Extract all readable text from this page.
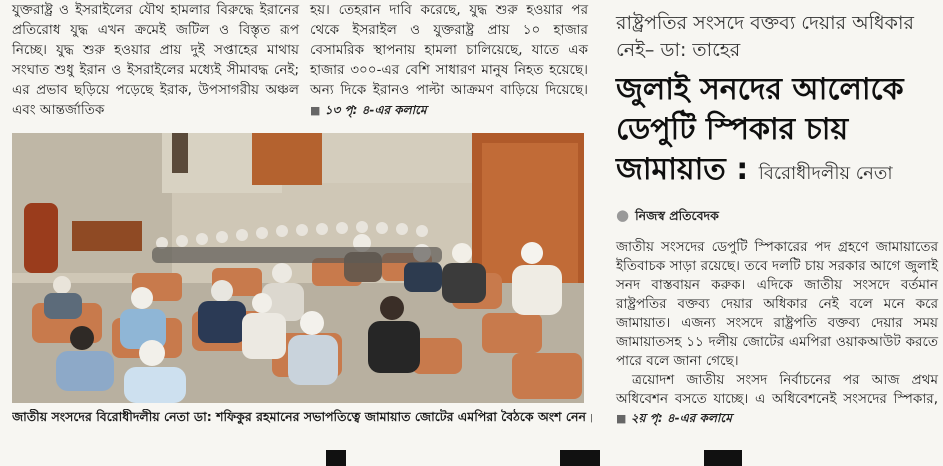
যুক্তরাষ্ট্র ও ইসরাইলের যৌথ হামলার বিরুদ্ধে ইরানের প্রতিরোধ যুদ্ধ এখন ক্রমেই জটিল ও বিস্তৃত রূপ নিচ্ছে। যুদ্ধ শুরু হওয়ার প্রায় দুই সপ্তাহের মাথায় সংঘাত শুধু ইরান ও ইসরাইলের মধ্যেই সীমাবদ্ধ নেই; এর প্রভাব ছড়িয়ে পড়েছে ইরাক, উপসাগরীয় অঞ্চল এবং আন্তর্জাতিক

হয়। তেহরান দাবি করেছে, যুদ্ধ শুরু হওয়ার পর থেকে ইসরাইল ও যুক্তরাষ্ট্র প্রায় ১০ হাজার বেসামরিক স্থাপনায় হামলা চালিয়েছে, যাতে এক হাজার ৩০০-এর বেশি সাধারণ মানুষ নিহত হয়েছে। অন্য দিকে ইরানও পাল্টা আক্রমণ বাড়িয়ে দিয়েছে। ■ ১৩ পৃ: ৪-এর কলামে

জাতীয় সংসদের বিরোধীদলীয় নেতা ডা: শফিকুর রহমানের সভাপতিত্বে জামায়াত জোটের এমপিরা বৈঠকে অংশ নেন
রাষ্ট্রপতির সংসদে বক্তব্য দেয়ার অধিকার নেই– ডা: তাহের
জুলাই সনদের আলোকে ডেপুটি স্পিকার চায় জামায়াত : বিরোধীদলীয় নেতা
● নিজস্ব প্রতিবেদক

জাতীয় সংসদের ডেপুটি স্পিকারের পদ গ্রহণে জামায়াতের ইতিবাচক সাড়া রয়েছে। তবে দলটি চায় সরকার আগে জুলাই সনদ বাস্তবায়ন করুক। এদিকে জাতীয় সংসদে বর্তমান রাষ্ট্রপতির বক্তব্য দেয়ার অধিকার নেই বলে মনে করে জামায়াত। এজন্য সংসদে রাষ্ট্রপতি বক্তব্য দেয়ার সময় জামায়াতসহ ১১ দলীয় জোটের এমপিরা ওয়াকআউট করতে পারে বলে জানা গেছে।

ত্রয়োদশ জাতীয় সংসদ নির্বাচনের পর আজ প্রথম অধিবেশন বসতে যাচ্ছে। এ অধিবেশনেই সংসদের স্পিকার, ■ ২য় পৃ: ৪-এর কলামে
